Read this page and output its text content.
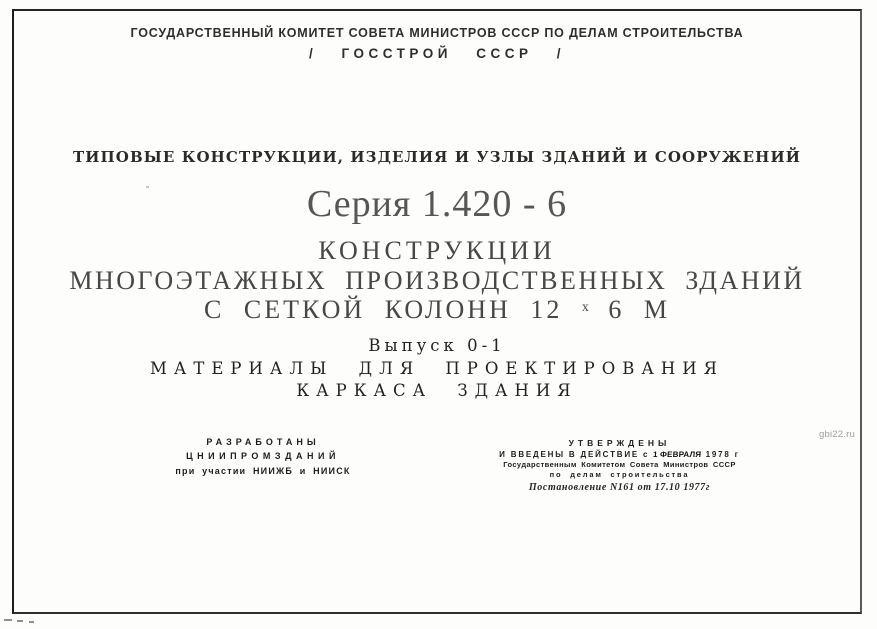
ГОСУДАРСТВЕННЫЙ КОМИТЕТ СОВЕТА МИНИСТРОВ СССР ПО ДЕЛАМ СТРОИТЕЛЬСТВА
/ ГОССТРОЙ СССР /
ТИПОВЫЕ КОНСТРУКЦИИ, ИЗДЕЛИЯ И УЗЛЫ ЗДАНИЙ И СООРУЖЕНИЙ
Серия 1.420 - 6
КОНСТРУКЦИИ
МНОГОЭТАЖНЫХ ПРОИЗВОДСТВЕННЫХ ЗДАНИЙ
С СЕТКОЙ КОЛОНН 12 $^х$ 6 М
Выпуск 0-1
МАТЕРИАЛЫ ДЛЯ ПРОЕКТИРОВАНИЯ
КАРКАСА ЗДАНИЯ
РАЗРАБОТАНЫ
ЦНИИПРОМЗДАНИЙ
при участии НИИЖБ и НИИСК
УТВЕРЖДЕНЫ
И ВВЕДЕНЫ В ДЕЙСТВИЕ с 1 ФЕВРАЛЯ 1978 г
Государственным Комитетом Совета Министров СССР
по делам строительства
Постановление N161 от 17.10 1977г
gbi22.ru
